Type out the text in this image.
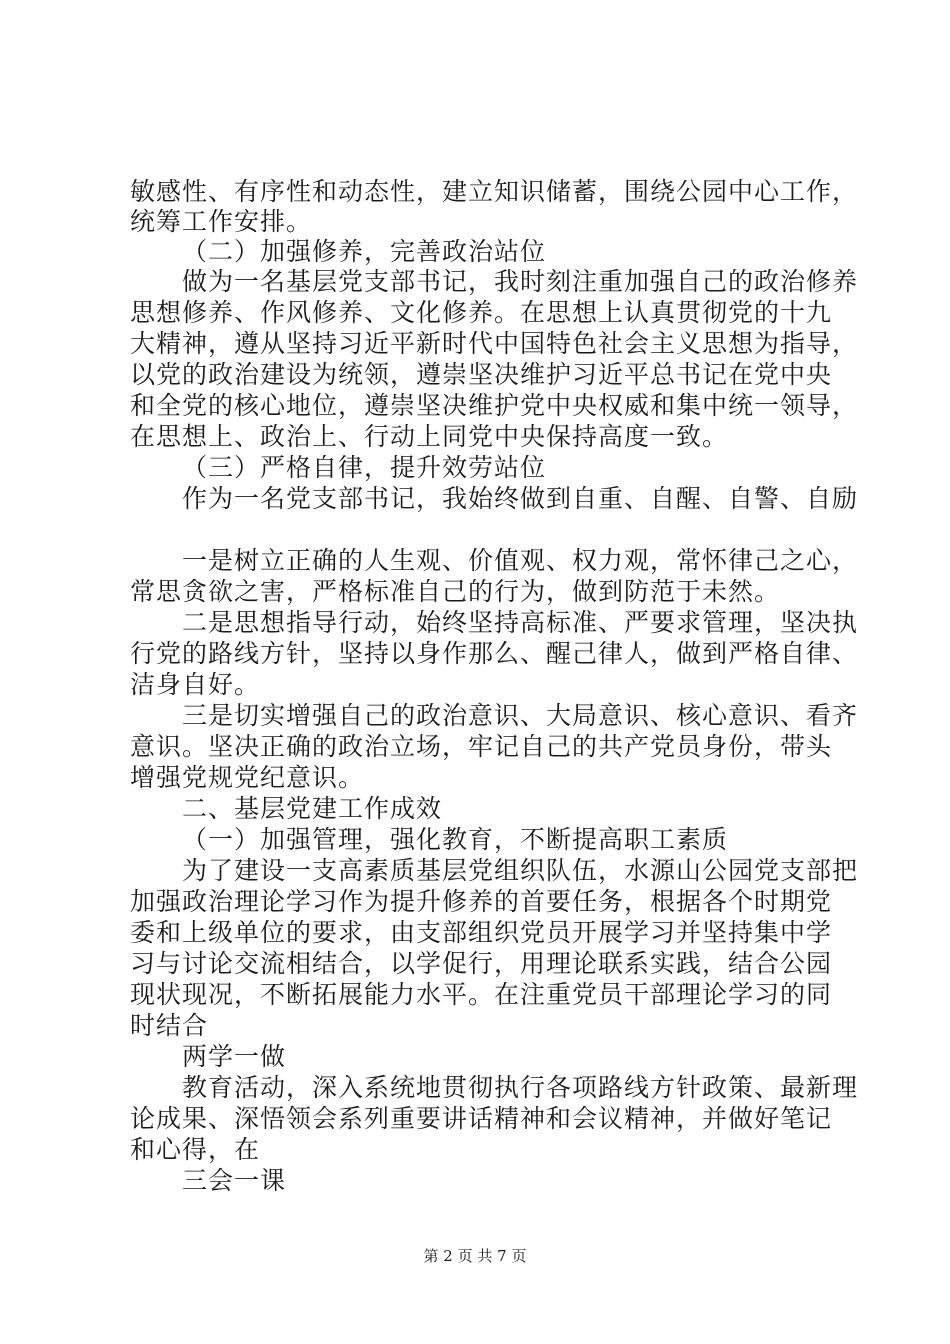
敏感性、有序性和动态性，建立知识储蓄，围绕公园中心工作，
统筹工作安排。
（二）加强修养，完善政治站位
做为一名基层党支部书记，我时刻注重加强自己的政治修养
思想修养、作风修养、文化修养。在思想上认真贯彻党的十九
大精神，遵从坚持习近平新时代中国特色社会主义思想为指导，
以党的政治建设为统领，遵崇坚决维护习近平总书记在党中央
和全党的核心地位，遵崇坚决维护党中央权威和集中统一领导，
在思想上、政治上、行动上同党中央保持高度一致。
（三）严格自律，提升效劳站位
作为一名党支部书记，我始终做到自重、自醒、自警、自励
一是树立正确的人生观、价值观、权力观，常怀律己之心，
常思贪欲之害，严格标准自己的行为，做到防范于未然。
二是思想指导行动，始终坚持高标准、严要求管理，坚决执
行党的路线方针，坚持以身作那么、醒己律人，做到严格自律、
洁身自好。
三是切实增强自己的政治意识、大局意识、核心意识、看齐
意识。坚决正确的政治立场，牢记自己的共产党员身份，带头
增强党规党纪意识。
二、基层党建工作成效
（一）加强管理，强化教育，不断提高职工素质
为了建设一支高素质基层党组织队伍，水源山公园党支部把
加强政治理论学习作为提升修养的首要任务，根据各个时期党
委和上级单位的要求，由支部组织党员开展学习并坚持集中学
习与讨论交流相结合，以学促行，用理论联系实践，结合公园
现状现况，不断拓展能力水平。在注重党员干部理论学习的同
时结合
两学一做
教育活动，深入系统地贯彻执行各项路线方针政策、最新理
论成果、深悟领会系列重要讲话精神和会议精神，并做好笔记
和心得，在
三会一课
第 2 页 共 7 页
